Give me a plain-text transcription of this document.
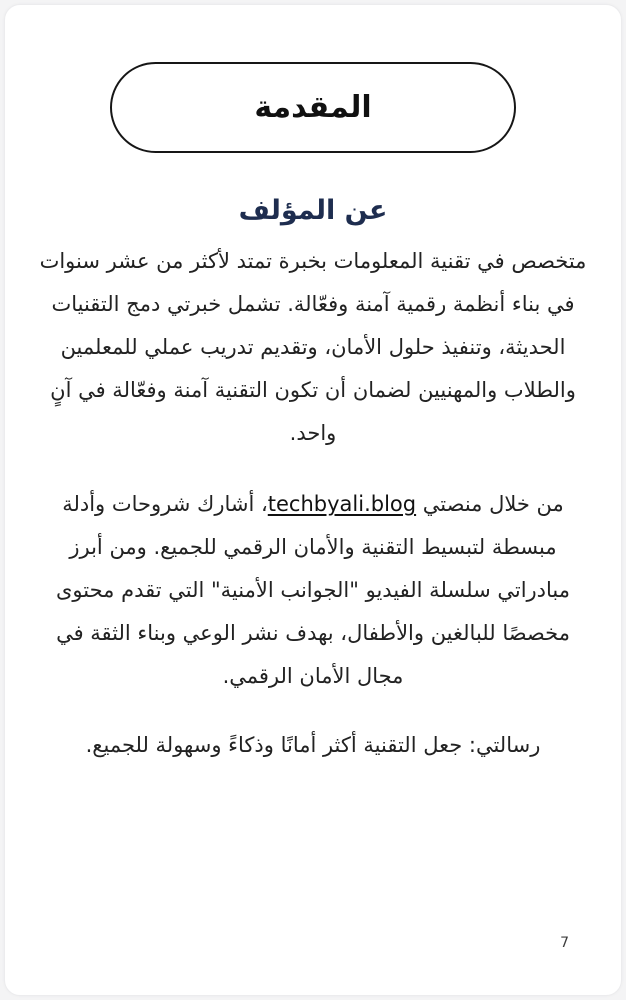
المقدمة
عن المؤلف

متخصص في تقنية المعلومات بخبرة تمتد لأكثر من عشر سنوات في بناء أنظمة رقمية آمنة وفعّالة. تشمل خبرتي دمج التقنيات الحديثة، وتنفيذ حلول الأمان، وتقديم تدريب عملي للمعلمين والطلاب والمهنيين لضمان أن تكون التقنية آمنة وفعّالة في آنٍ واحد.

من خلال منصتي techbyali.blog، أشارك شروحات وأدلة مبسطة لتبسيط التقنية والأمان الرقمي للجميع. ومن أبرز مبادراتي سلسلة الفيديو "الجوانب الأمنية" التي تقدم محتوى مخصصًا للبالغين والأطفال، بهدف نشر الوعي وبناء الثقة في مجال الأمان الرقمي.

رسالتي: جعل التقنية أكثر أمانًا وذكاءً وسهولة للجميع.

7
